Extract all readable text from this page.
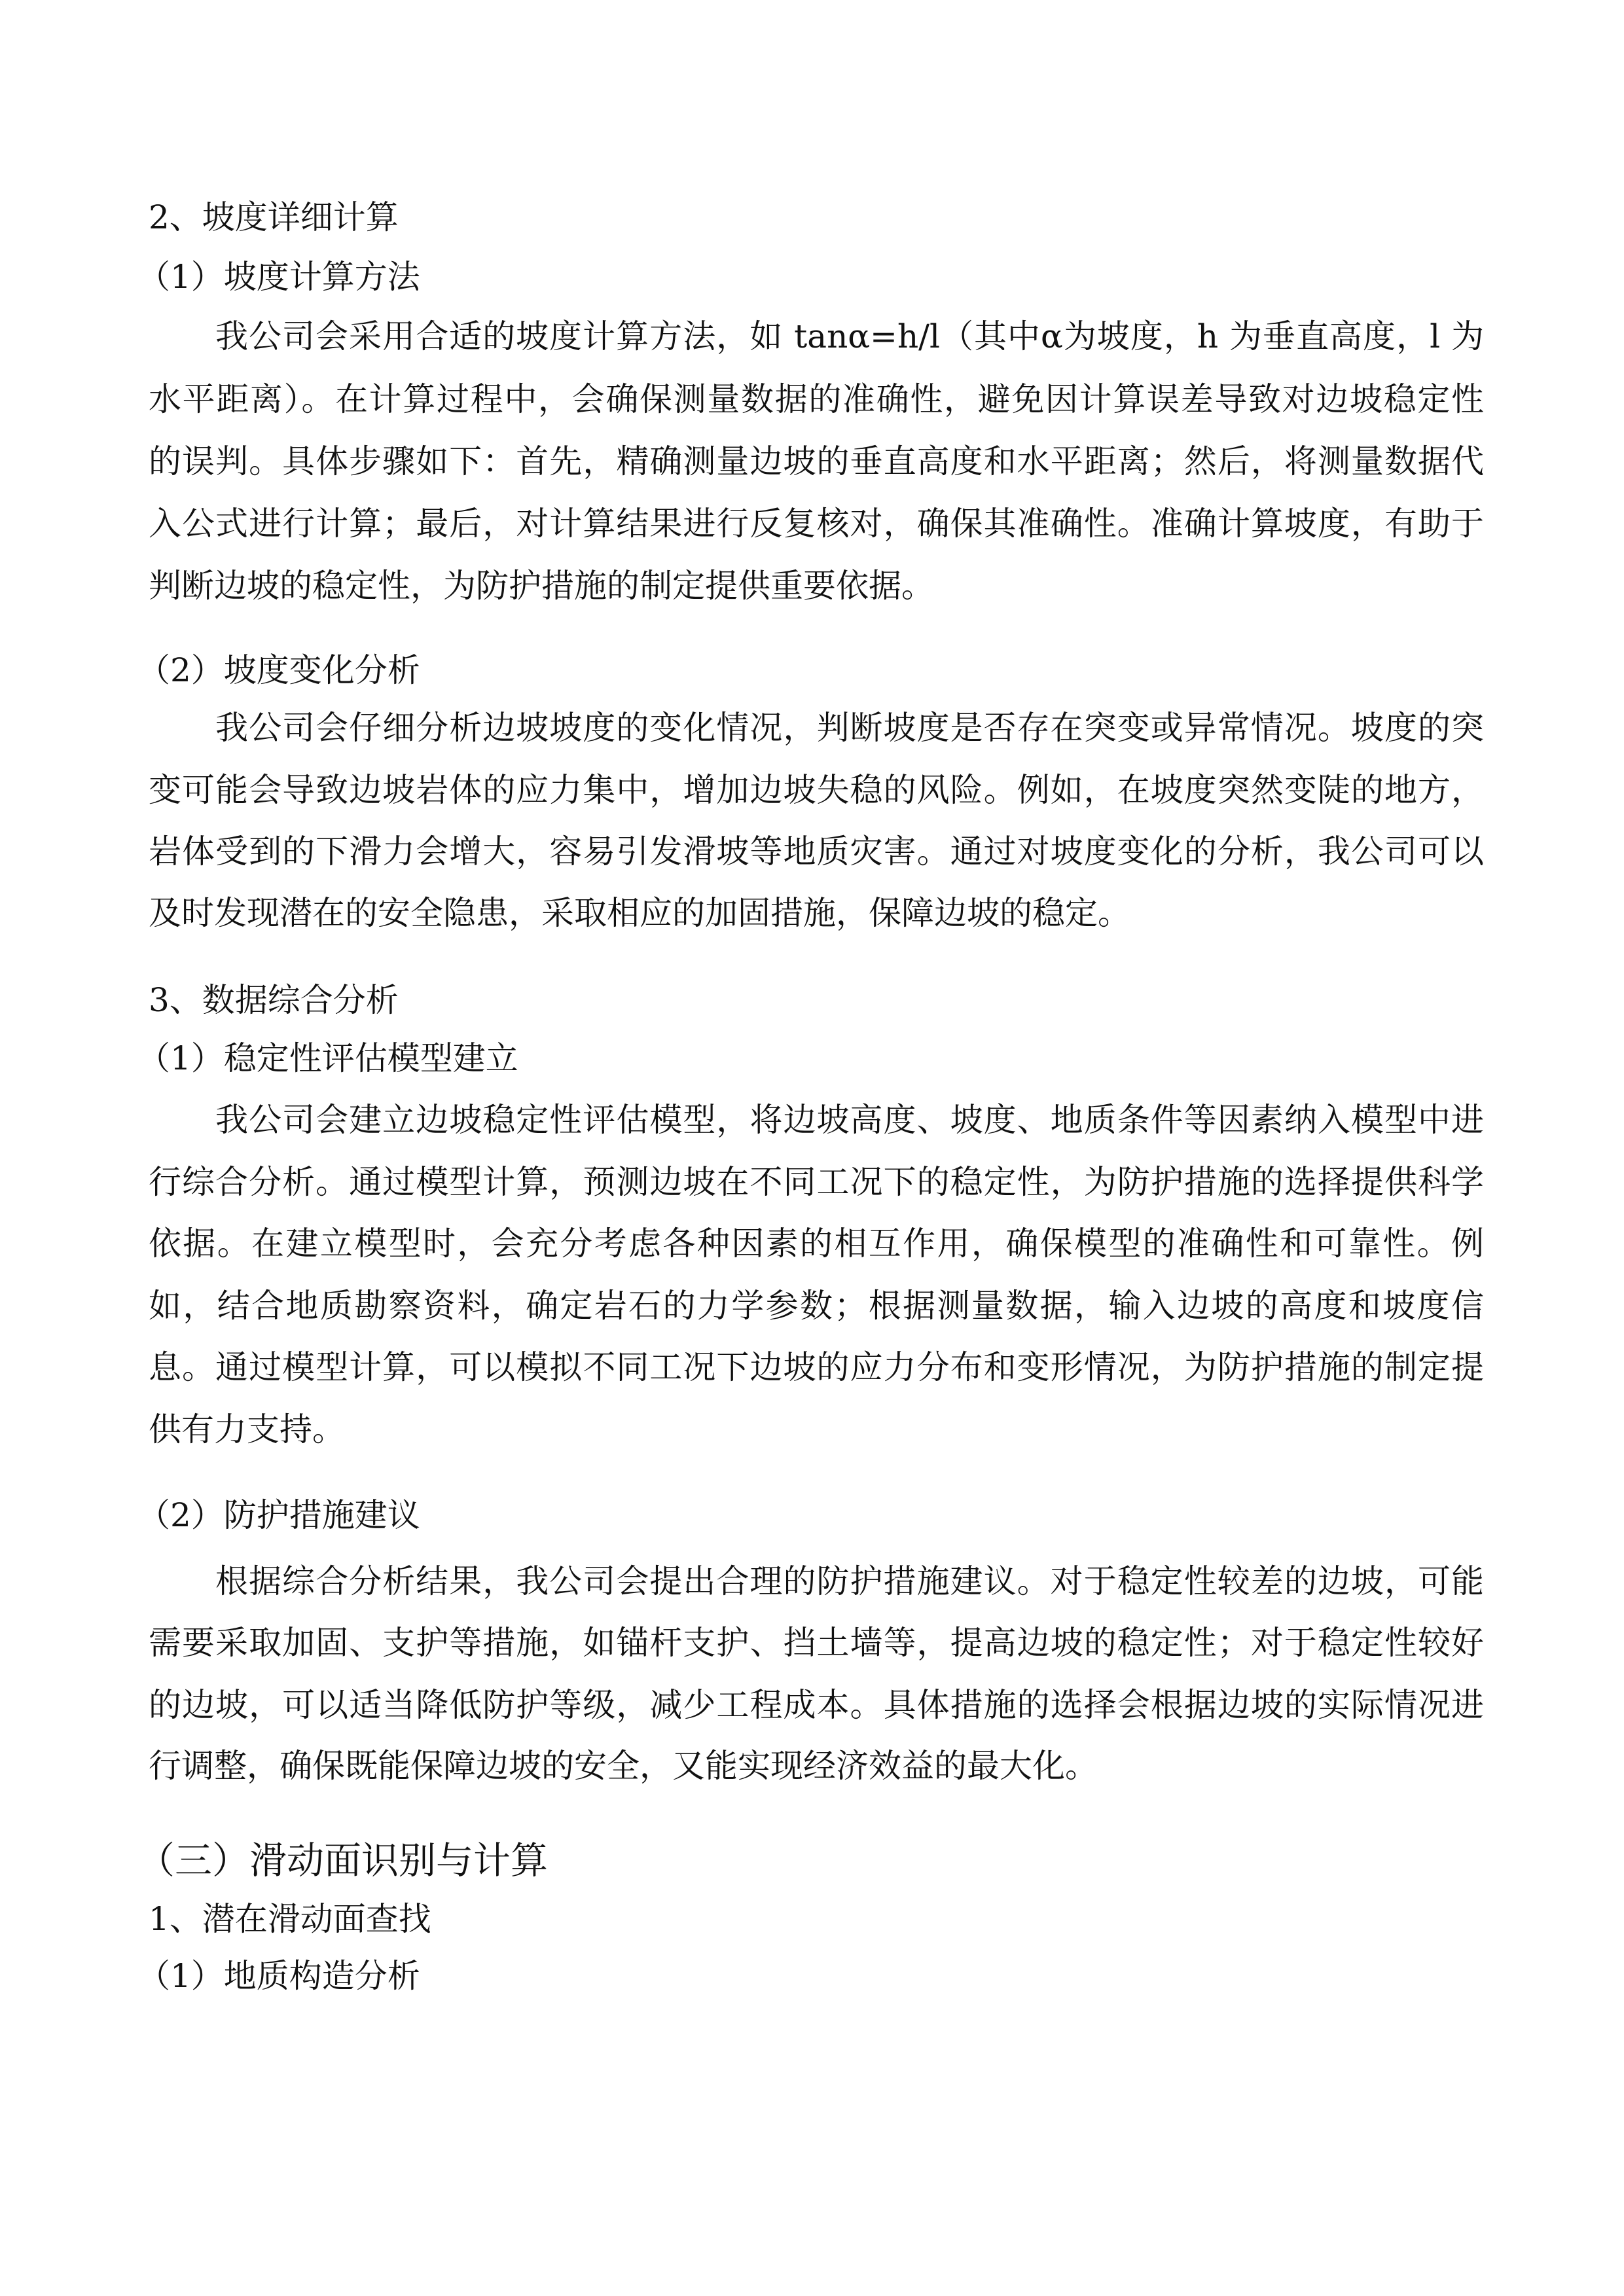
2、坡度详细计算
（1）坡度计算方法
我公司会采用合适的坡度计算方法，如 tanα=h/l（其中α为坡度，h 为垂直高度，l 为
水平距离）。在计算过程中，会确保测量数据的准确性，避免因计算误差导致对边坡稳定性
的误判。具体步骤如下：首先，精确测量边坡的垂直高度和水平距离；然后，将测量数据代
入公式进行计算；最后，对计算结果进行反复核对，确保其准确性。准确计算坡度，有助于
判断边坡的稳定性，为防护措施的制定提供重要依据。
（2）坡度变化分析
我公司会仔细分析边坡坡度的变化情况，判断坡度是否存在突变或异常情况。坡度的突
变可能会导致边坡岩体的应力集中，增加边坡失稳的风险。例如，在坡度突然变陡的地方，
岩体受到的下滑力会增大，容易引发滑坡等地质灾害。通过对坡度变化的分析，我公司可以
及时发现潜在的安全隐患，采取相应的加固措施，保障边坡的稳定。
3、数据综合分析
（1）稳定性评估模型建立
我公司会建立边坡稳定性评估模型，将边坡高度、坡度、地质条件等因素纳入模型中进
行综合分析。通过模型计算，预测边坡在不同工况下的稳定性，为防护措施的选择提供科学
依据。在建立模型时，会充分考虑各种因素的相互作用，确保模型的准确性和可靠性。例
如，结合地质勘察资料，确定岩石的力学参数；根据测量数据，输入边坡的高度和坡度信
息。通过模型计算，可以模拟不同工况下边坡的应力分布和变形情况，为防护措施的制定提
供有力支持。
（2）防护措施建议
根据综合分析结果，我公司会提出合理的防护措施建议。对于稳定性较差的边坡，可能
需要采取加固、支护等措施，如锚杆支护、挡土墙等，提高边坡的稳定性；对于稳定性较好
的边坡，可以适当降低防护等级，减少工程成本。具体措施的选择会根据边坡的实际情况进
行调整，确保既能保障边坡的安全，又能实现经济效益的最大化。
（三）滑动面识别与计算
1、潜在滑动面查找
（1）地质构造分析
